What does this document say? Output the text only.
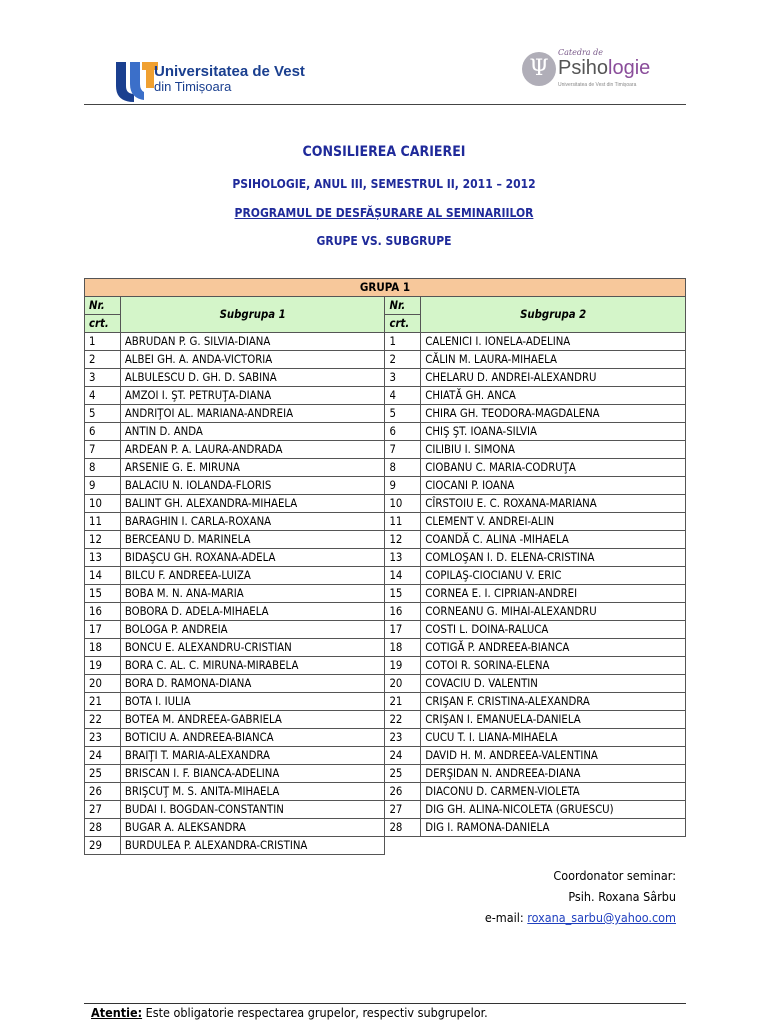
Universitatea de Vest
din Timișoara
Ψ
Catedra de
Psihologie
Universitatea de Vest din Timișoara
CONSILIEREA CARIEREI
PSIHOLOGIE, ANUL III, SEMESTRUL II, 2011 – 2012
PROGRAMUL DE DESFĂȘURARE AL SEMINARIILOR
GRUPE VS. SUBGRUPE
GRUPA 1			
Nr.	Subgrupa 1	Nr.	Subgrupa 2
crt.		crt.	
1	ABRUDAN P. G. SILVIA-DIANA	1	CALENICI I. IONELA-ADELINA
2	ALBEI GH. A. ANDA-VICTORIA	2	CĂLIN M. LAURA-MIHAELA
3	ALBULESCU D. GH. D. SABINA	3	CHELARU D. ANDREI-ALEXANDRU
4	AMZOI I. ŞT. PETRUŢA-DIANA	4	CHIATĂ GH. ANCA
5	ANDRIŢOI AL. MARIANA-ANDREIA	5	CHIRA GH. TEODORA-MAGDALENA
6	ANTIN D. ANDA	6	CHIŞ ŞT. IOANA-SILVIA
7	ARDEAN P. A. LAURA-ANDRADA	7	CILIBIU I. SIMONA
8	ARSENIE G. E. MIRUNA	8	CIOBANU C. MARIA-CODRUŢA
9	BALACIU N. IOLANDA-FLORIS	9	CIOCANI P. IOANA
10	BALINT GH. ALEXANDRA-MIHAELA	10	CÎRSTOIU E. C. ROXANA-MARIANA
11	BARAGHIN I. CARLA-ROXANA	11	CLEMENT V. ANDREI-ALIN
12	BERCEANU D. MARINELA	12	COANDĂ C. ALINA -MIHAELA
13	BIDAŞCU GH. ROXANA-ADELA	13	COMLOŞAN I. D. ELENA-CRISTINA
14	BILCU F. ANDREEA-LUIZA	14	COPILAŞ-CIOCIANU V. ERIC
15	BOBA M. N. ANA-MARIA	15	CORNEA E. I. CIPRIAN-ANDREI
16	BOBORA D. ADELA-MIHAELA	16	CORNEANU G. MIHAI-ALEXANDRU
17	BOLOGA P. ANDREIA	17	COSTI L. DOINA-RALUCA
18	BONCU E. ALEXANDRU-CRISTIAN	18	COTIGĂ P. ANDREEA-BIANCA
19	BORA C. AL. C. MIRUNA-MIRABELA	19	COTOI R. SORINA-ELENA
20	BORA D. RAMONA-DIANA	20	COVACIU D. VALENTIN
21	BOTA I. IULIA	21	CRIŞAN F. CRISTINA-ALEXANDRA
22	BOTEA M. ANDREEA-GABRIELA	22	CRIŞAN I. EMANUELA-DANIELA
23	BOTICIU A. ANDREEA-BIANCA	23	CUCU T. I. LIANA-MIHAELA
24	BRAIŢI T. MARIA-ALEXANDRA	24	DAVID H. M. ANDREEA-VALENTINA
25	BRISCAN I. F. BIANCA-ADELINA	25	DERŞIDAN N. ANDREEA-DIANA
26	BRIŞCUŢ M. S. ANITA-MIHAELA	26	DIACONU D. CARMEN-VIOLETA
27	BUDAI I. BOGDAN-CONSTANTIN	27	DIG GH. ALINA-NICOLETA (GRUESCU)
28	BUGAR A. ALEKSANDRA	28	DIG I. RAMONA-DANIELA
29	BURDULEA P. ALEXANDRA-CRISTINA		
Coordonator seminar:
Psih. Roxana Sârbu
e-mail: roxana_sarbu@yahoo.com
Atentie: Este obligatorie respectarea grupelor, respectiv subgrupelor.
